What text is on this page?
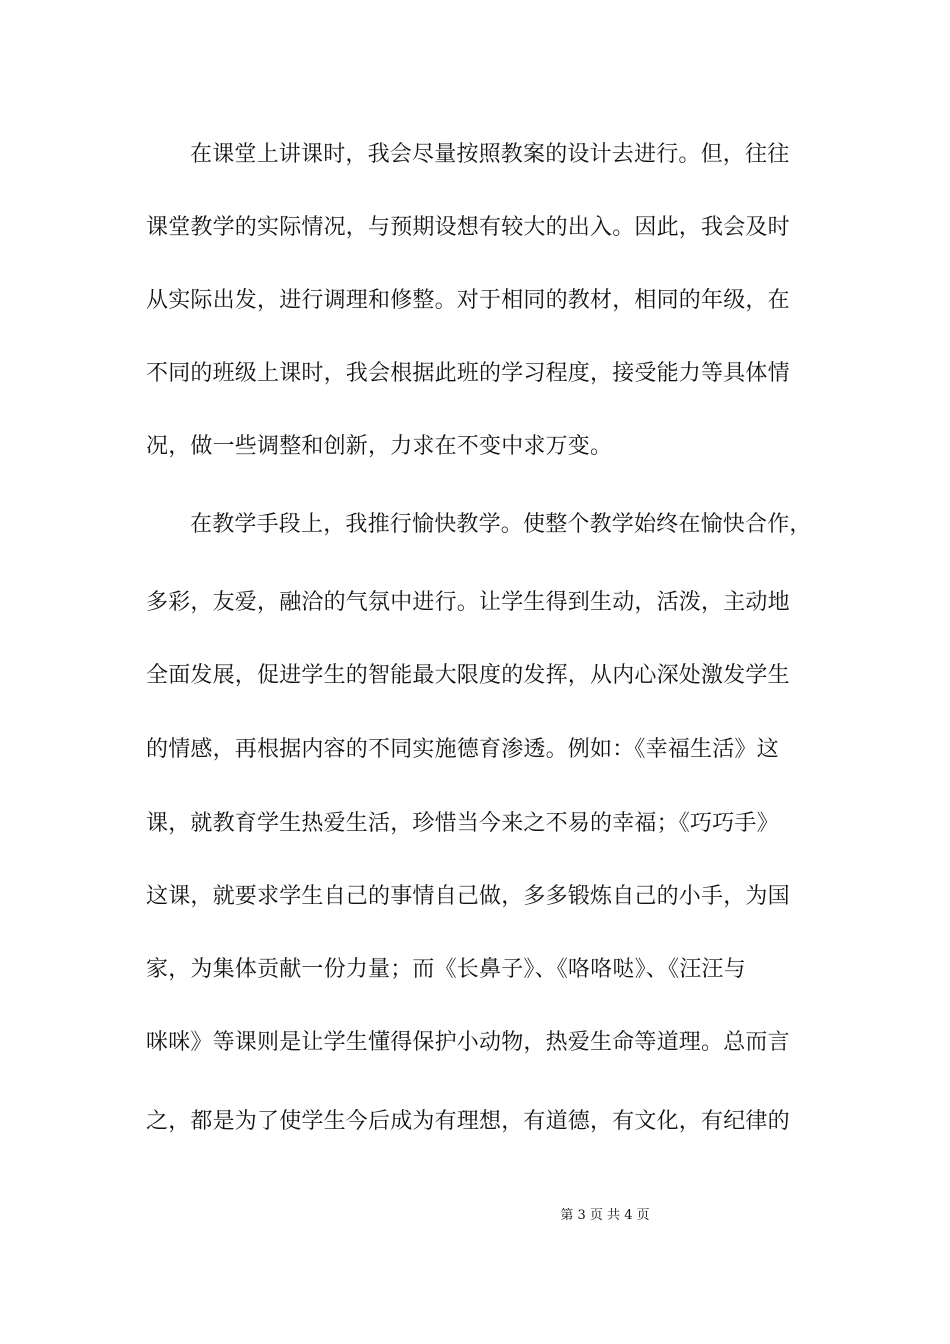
在课堂上讲课时，我会尽量按照教案的设计去进行。但，往往
课堂教学的实际情况，与预期设想有较大的出入。因此，我会及时
从实际出发，进行调理和修整。对于相同的教材，相同的年级，在
不同的班级上课时，我会根据此班的学习程度，接受能力等具体情
况，做一些调整和创新，力求在不变中求万变。
在教学手段上，我推行愉快教学。使整个教学始终在愉快合作，
多彩，友爱，融洽的气氛中进行。让学生得到生动，活泼，主动地
全面发展，促进学生的智能最大限度的发挥，从内心深处激发学生
的情感，再根据内容的不同实施德育渗透。例如：《幸福生活》这
课，就教育学生热爱生活，珍惜当今来之不易的幸福；《巧巧手》
这课，就要求学生自己的事情自己做，多多锻炼自己的小手，为国
家，为集体贡献一份力量；而《长鼻子》、《咯咯哒》、《汪汪与
咪咪》等课则是让学生懂得保护小动物，热爱生命等道理。总而言
之，都是为了使学生今后成为有理想，有道德，有文化，有纪律的
第 3 页 共 4 页
